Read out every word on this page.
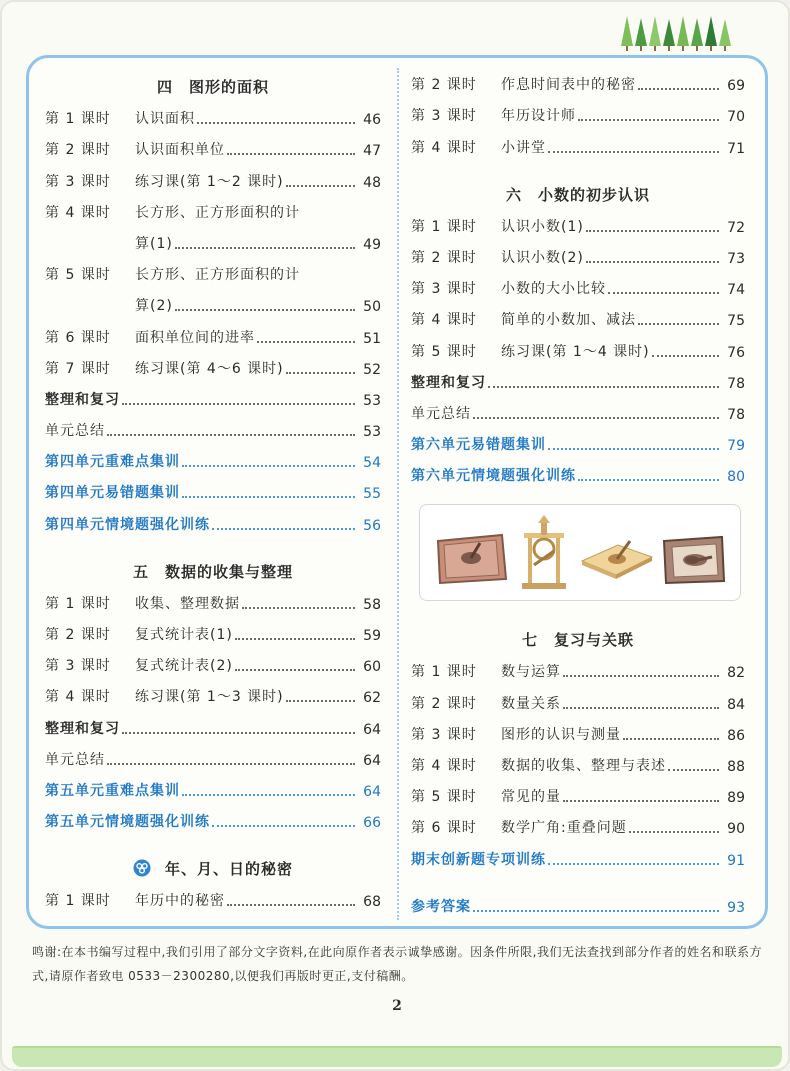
四 图形的面积
第 1 课时	认识面积	46
第 2 课时	认识面积单位	47
第 3 课时	练习课(第 1～2 课时)	48
第 4 课时	长方形、正方形面积的计
算(1)	49
第 5 课时	长方形、正方形面积的计
算(2)	50
第 6 课时	面积单位间的进率	51
第 7 课时	练习课(第 4～6 课时)	52
整理和复习	53
单元总结	53
第四单元重难点集训	54
第四单元易错题集训	55
第四单元情境题强化训练	56
五 数据的收集与整理
第 1 课时	收集、整理数据	58
第 2 课时	复式统计表(1)	59
第 3 课时	复式统计表(2)	60
第 4 课时	练习课(第 1～3 课时)	62
整理和复习	64
单元总结	64
第五单元重难点集训	64
第五单元情境题强化训练	66
年、月、日的秘密
第 1 课时	年历中的秘密	68
第 2 课时	作息时间表中的秘密	69
第 3 课时	年历设计师	70
第 4 课时	小讲堂	71
六 小数的初步认识
第 1 课时	认识小数(1)	72
第 2 课时	认识小数(2)	73
第 3 课时	小数的大小比较	74
第 4 课时	简单的小数加、减法	75
第 5 课时	练习课(第 1～4 课时)	76
整理和复习	78
单元总结	78
第六单元易错题集训	79
第六单元情境题强化训练	80
七 复习与关联
第 1 课时	数与运算	82
第 2 课时	数量关系	84
第 3 课时	图形的认识与测量	86
第 4 课时	数据的收集、整理与表述	88
第 5 课时	常见的量	89
第 6 课时	数学广角:重叠问题	90
期末创新题专项训练	91
参考答案	93
鸣谢:在本书编写过程中,我们引用了部分文字资料,在此向原作者表示诚挚感谢。因条件所限,我们无法查找到部分作者的姓名和联系方式,请原作者致电 0533－2300280,以便我们再版时更正,支付稿酬。
2
